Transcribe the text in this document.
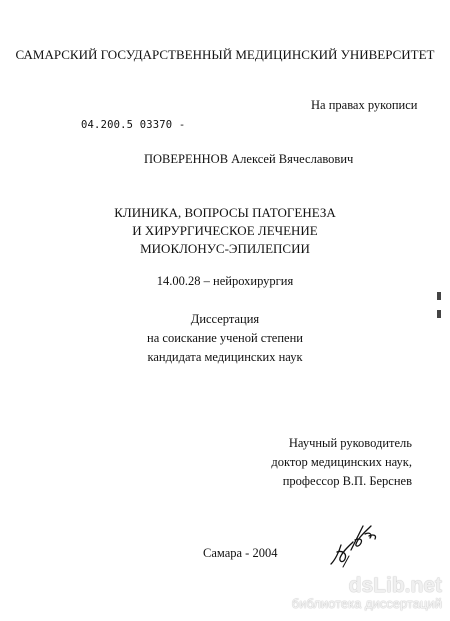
САМАРСКИЙ ГОСУДАРСТВЕННЫЙ МЕДИЦИНСКИЙ УНИВЕРСИТЕТ
На правах рукописи
04.200.5 03370 -
ПОВЕРЕННОВ Алексей Вячеславович
КЛИНИКА, ВОПРОСЫ ПАТОГЕНЕЗА
И ХИРУРГИЧЕСКОЕ ЛЕЧЕНИЕ
МИОКЛОНУС-ЭПИЛЕПСИИ
14.00.28 – нейрохирургия
Диссертация
на соискание ученой степени
кандидата медицинских наук
Научный руководитель
доктор медицинских наук,
профессор В.П. Берснев
Самара - 2004
dsLib.net
библиотека диссертаций
